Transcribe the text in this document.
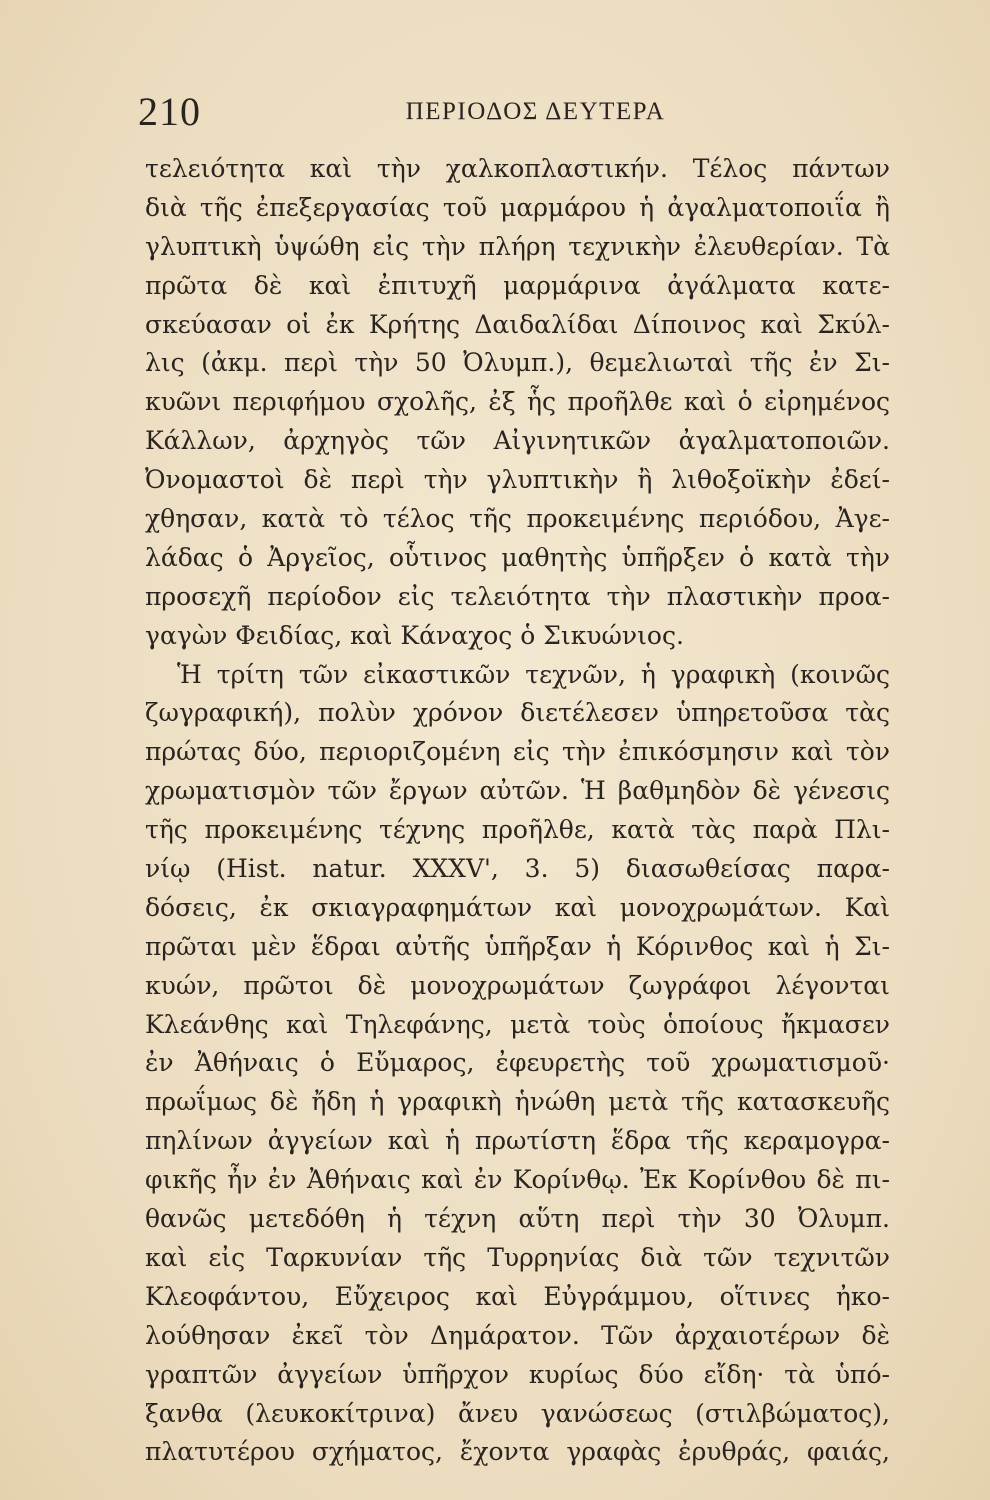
210	ΠΕΡΙΟΔΟΣ ΔΕΥΤΕΡΑ
τελειότητα καὶ τὴν χαλκοπλαστικήν. Τέλος πάντων
διὰ τῆς ἐπεξεργασίας τοῦ μαρμάρου ἡ ἀγαλματοποιΐα ἢ
γλυπτικὴ ὑψώθη εἰς τὴν πλήρη τεχνικὴν ἐλευθερίαν. Τὰ
πρῶτα δὲ καὶ ἐπιτυχῆ μαρμάρινα ἀγάλματα κατε-
σκεύασαν οἱ ἐκ Κρήτης Δαιδαλίδαι Δίποινος καὶ Σκύλ-
λις (ἀκμ. περὶ τὴν 50 Ὀλυμπ.), θεμελιωταὶ τῆς ἐν Σι-
κυῶνι περιφήμου σχολῆς, ἐξ ἧς προῆλθε καὶ ὁ εἰρημένος
Κάλλων, ἀρχηγὸς τῶν Αἰγινητικῶν ἀγαλματοποιῶν.
Ὀνομαστοὶ δὲ περὶ τὴν γλυπτικὴν ἢ λιθοξοϊκὴν ἐδεί-
χθησαν, κατὰ τὸ τέλος τῆς προκειμένης περιόδου, Ἀγε-
λάδας ὁ Ἀργεῖος, οὗτινος μαθητὴς ὑπῆρξεν ὁ κατὰ τὴν
προσεχῆ περίοδον εἰς τελειότητα τὴν πλαστικὴν προα-
γαγὼν Φειδίας, καὶ Κάναχος ὁ Σικυώνιος.
Ἡ τρίτη τῶν εἰκαστικῶν τεχνῶν, ἡ γραφικὴ (κοινῶς
ζωγραφική), πολὺν χρόνον διετέλεσεν ὑπηρετοῦσα τὰς
πρώτας δύο, περιοριζομένη εἰς τὴν ἐπικόσμησιν καὶ τὸν
χρωματισμὸν τῶν ἔργων αὐτῶν. Ἡ βαθμηδὸν δὲ γένεσις
τῆς προκειμένης τέχνης προῆλθε, κατὰ τὰς παρὰ Πλι-
νίῳ (Hist. natur. XXXV', 3. 5) διασωθείσας παρα-
δόσεις, ἐκ σκιαγραφημάτων καὶ μονοχρωμάτων. Καὶ
πρῶται μὲν ἕδραι αὐτῆς ὑπῆρξαν ἡ Κόρινθος καὶ ἡ Σι-
κυών, πρῶτοι δὲ μονοχρωμάτων ζωγράφοι λέγονται
Κλεάνθης καὶ Τηλεφάνης, μετὰ τοὺς ὁποίους ἤκμασεν
ἐν Ἀθήναις ὁ Εὔμαρος, ἐφευρετὴς τοῦ χρωματισμοῦ·
πρωΐμως δὲ ἤδη ἡ γραφικὴ ἡνώθη μετὰ τῆς κατασκευῆς
πηλίνων ἀγγείων καὶ ἡ πρωτίστη ἕδρα τῆς κεραμογρα-
φικῆς ἦν ἐν Ἀθήναις καὶ ἐν Κορίνθῳ. Ἐκ Κορίνθου δὲ πι-
θανῶς μετεδόθη ἡ τέχνη αὕτη περὶ τὴν 30 Ὀλυμπ.
καὶ εἰς Ταρκυνίαν τῆς Τυρρηνίας διὰ τῶν τεχνιτῶν
Κλεοφάντου, Εὔχειρος καὶ Εὐγράμμου, οἵτινες ἠκο-
λούθησαν ἐκεῖ τὸν Δημάρατον. Τῶν ἀρχαιοτέρων δὲ
γραπτῶν ἀγγείων ὑπῆρχον κυρίως δύο εἴδη· τὰ ὑπό-
ξανθα (λευκοκίτρινα) ἄνευ γανώσεως (στιλβώματος),
πλατυτέρου σχήματος, ἔχοντα γραφὰς ἐρυθράς, φαιάς,
